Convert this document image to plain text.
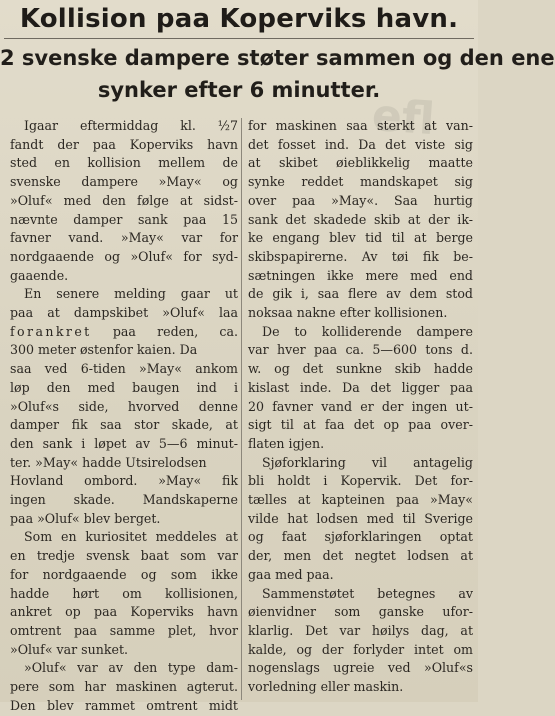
efl
Kollision paa Koperviks havn.
2 svenske dampere støter sammen og den ene
synker efter 6 minutter.
Igaar eftermiddag kl. ½7
fandt der paa Koperviks havn
sted en kollision mellem de
svenske dampere »May« og
»Oluf« med den følge at sidst-
nævnte damper sank paa 15
favner vand. »May« var for
nordgaaende og »Oluf« for syd-
gaaende.
En senere melding gaar ut
paa at dampskibet »Oluf« laa
forankret paa reden, ca.
300 meter østenfor kaien. Da
saa ved 6-tiden »May« ankom
løp den med baugen ind i
»Oluf«s side, hvorved denne
damper fik saa stor skade, at
den sank i løpet av 5—6 minut-
ter. »May« hadde Utsirelodsen
Hovland ombord. »May« fik
ingen skade. Mandskaperne
paa »Oluf« blev berget.
Som en kuriositet meddeles at
en tredje svensk baat som var
for nordgaaende og som ikke
hadde hørt om kollisionen,
ankret op paa Koperviks havn
omtrent paa samme plet, hvor
»Oluf« var sunket.
»Oluf« var av den type dam-
pere som har maskinen agterut.
Den blev rammet omtrent midt
for maskinen saa sterkt at van-
det fosset ind. Da det viste sig
at skibet øieblikkelig maatte
synke reddet mandskapet sig
over paa »May«. Saa hurtig
sank det skadede skib at der ik-
ke engang blev tid til at berge
skibspapirerne. Av tøi fik be-
sætningen ikke mere med end
de gik i, saa flere av dem stod
noksaa nakne efter kollisionen.
De to kolliderende dampere
var hver paa ca. 5—600 tons d.
w. og det sunkne skib hadde
kislast inde. Da det ligger paa
20 favner vand er der ingen ut-
sigt til at faa det op paa over-
flaten igjen.
Sjøforklaring vil antagelig
bli holdt i Kopervik. Det for-
tælles at kapteinen paa »May«
vilde hat lodsen med til Sverige
og faat sjøforklaringen optat
der, men det negtet lodsen at
gaa med paa.
Sammenstøtet betegnes av
øienvidner som ganske ufor-
klarlig. Det var høilys dag, at
kalde, og der forlyder intet om
nogenslags ugreie ved »Oluf«s
vorledning eller maskin.
